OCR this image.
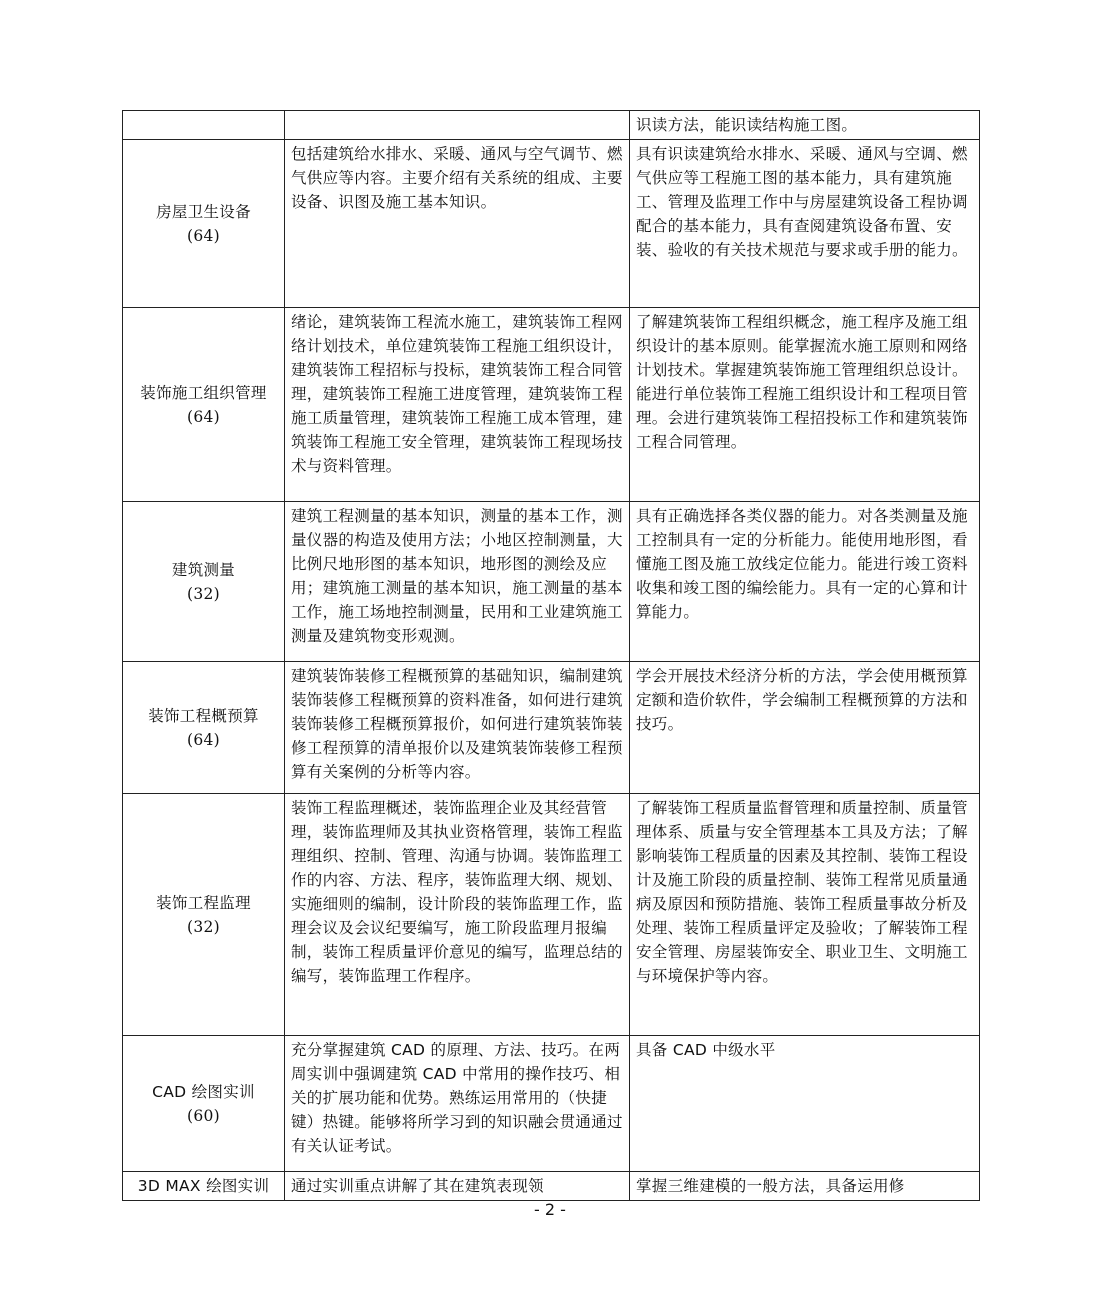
		识读方法，能识读结构施工图。

房屋卫生设备
(64)	包括建筑给水排水、采暖、通风与空气调节、燃气供应等内容。主要介绍有关系统的组成、主要设备、识图及施工基本知识。	具有识读建筑给水排水、采暖、通风与空调、燃气供应等工程施工图的基本能力，具有建筑施工、管理及监理工作中与房屋建筑设备工程协调配合的基本能力，具有查阅建筑设备布置、安装、验收的有关技术规范与要求或手册的能力。

装饰施工组织管理
(64)	绪论，建筑装饰工程流水施工，建筑装饰工程网络计划技术，单位建筑装饰工程施工组织设计，建筑装饰工程招标与投标，建筑装饰工程合同管理，建筑装饰工程施工进度管理，建筑装饰工程施工质量管理，建筑装饰工程施工成本管理，建筑装饰工程施工安全管理，建筑装饰工程现场技术与资料管理。	了解建筑装饰工程组织概念，施工程序及施工组织设计的基本原则。能掌握流水施工原则和网络计划技术。掌握建筑装饰施工管理组织总设计。能进行单位装饰工程施工组织设计和工程项目管理。会进行建筑装饰工程招投标工作和建筑装饰工程合同管理。

建筑测量
(32)	建筑工程测量的基本知识，测量的基本工作，测量仪器的构造及使用方法；小地区控制测量，大比例尺地形图的基本知识，地形图的测绘及应用；建筑施工测量的基本知识，施工测量的基本工作，施工场地控制测量，民用和工业建筑施工测量及建筑物变形观测。	具有正确选择各类仪器的能力。对各类测量及施工控制具有一定的分析能力。能使用地形图，看懂施工图及施工放线定位能力。能进行竣工资料收集和竣工图的编绘能力。具有一定的心算和计算能力。

装饰工程概预算
(64)	建筑装饰装修工程概预算的基础知识，编制建筑装饰装修工程概预算的资料准备，如何进行建筑装饰装修工程概预算报价，如何进行建筑装饰装修工程预算的清单报价以及建筑装饰装修工程预算有关案例的分析等内容。	学会开展技术经济分析的方法，学会使用概预算定额和造价软件，学会编制工程概预算的方法和技巧。

装饰工程监理
(32)	装饰工程监理概述，装饰监理企业及其经营管理，装饰监理师及其执业资格管理，装饰工程监理组织、控制、管理、沟通与协调。装饰监理工作的内容、方法、程序，装饰监理大纲、规划、实施细则的编制，设计阶段的装饰监理工作，监理会议及会议纪要编写，施工阶段监理月报编制，装饰工程质量评价意见的编写，监理总结的编写，装饰监理工作程序。	了解装饰工程质量监督管理和质量控制、质量管理体系、质量与安全管理基本工具及方法；了解影响装饰工程质量的因素及其控制、装饰工程设计及施工阶段的质量控制、装饰工程常见质量通病及原因和预防措施、装饰工程质量事故分析及处理、装饰工程质量评定及验收；了解装饰工程安全管理、房屋装饰安全、职业卫生、文明施工与环境保护等内容。

CAD 绘图实训
(60)	充分掌握建筑 CAD 的原理、方法、技巧。在两周实训中强调建筑 CAD 中常用的操作技巧、相关的扩展功能和优势。熟练运用常用的（快捷键）热键。能够将所学习到的知识融会贯通通过有关认证考试。	具备 CAD 中级水平

3D MAX 绘图实训	通过实训重点讲解了其在建筑表现领	掌握三维建模的一般方法，具备运用修
- 2 -
